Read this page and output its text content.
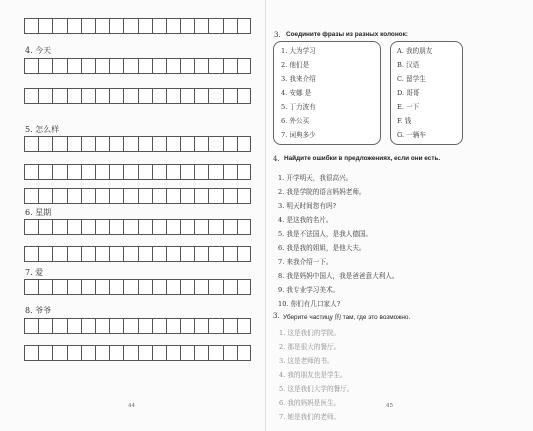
4. 今天
5. 怎么样
6. 星期
7. 爱
8. 爷爷
44
3. Соедините фразы из разных колонок:
1. 大为学习
2. 他们是
3. 我来介绍
4. 安娜 是
5. 丁力波有
6. 外公买
7. 词典多少
A. 我的朋友
B. 汉语
C. 留学生
D. 哥哥
E. 一下
F. 钱
G. 一辆车
4. Найдите ошибки в предложениях, если они есть.
1. 开学明天，我很高兴。
2. 我是学院的语言妈妈老师。
3. 明天时间您有吗?
4. 是这我的名片。
5. 我是不法国人，是我人德国。
6. 我是我的姐姐，是他大夫。
7. 来我介绍一下。
8. 我是妈妈中国人，我是爸爸意大利人。
9. 我专业学习美术。
10. 你们有几口家人?
3. Уберите частицу 的 там, где это возможно.
1. 这是我们的学院。
2. 那是很大的餐厅。
3. 这是老师的书。
4. 我的朋友也是学生。
5. 这是我们大学的餐厅。
6. 我的妈妈是医生。
7. 她是我们的老师。
45
